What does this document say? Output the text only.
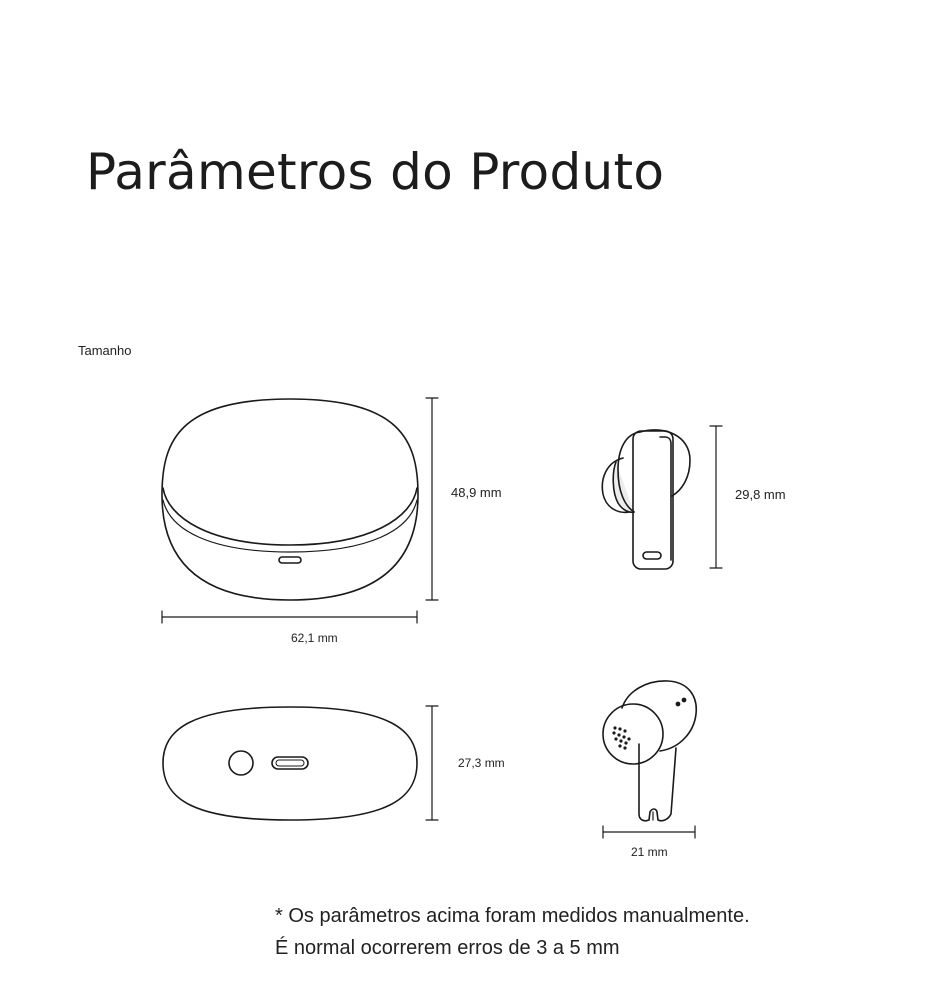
Parâmetros do Produto
Tamanho
48,9 mm
62,1 mm
27,3 mm
29,8 mm
21 mm
* Os parâmetros acima foram medidos manualmente.
É normal ocorrerem erros de 3 a 5 mm
